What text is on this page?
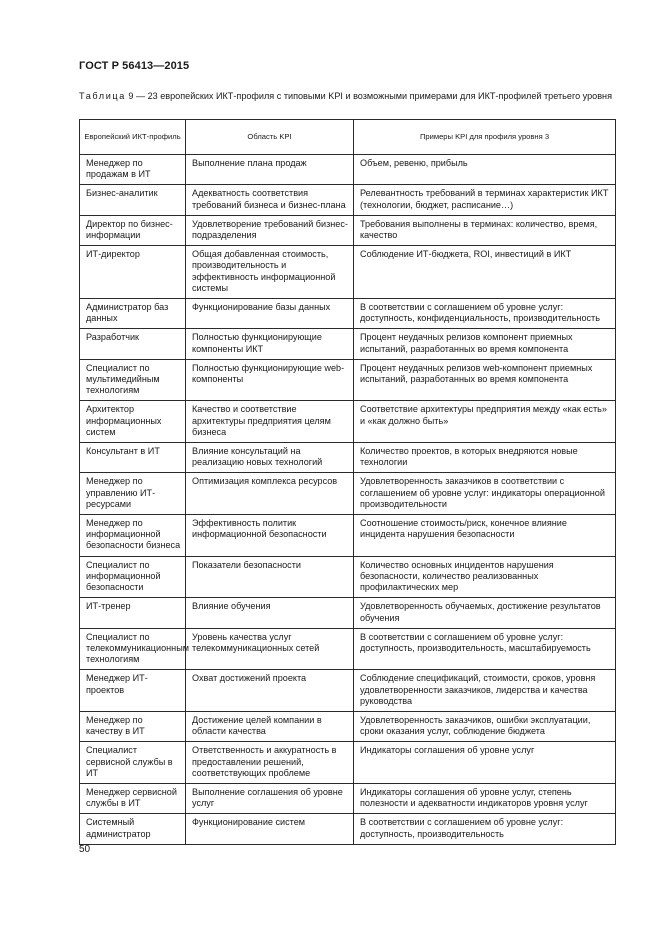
ГОСТ Р 56413—2015
Таблица 9 — 23 европейских ИКТ-профиля с типовыми KPI и возможными примерами для ИКТ-профилей третьего уровня
Европейский ИКТ-профиль	Область KPI	Примеры KPI для профиля уровня 3
Менеджер по продажам в ИТ	Выполнение плана продаж	Объем, ревеню, прибыль
Бизнес-аналитик	Адекватность соответствия требований бизнеса и бизнес-плана	Релевантность требований в терминах характеристик ИКТ (технологии, бюджет, расписание…)
Директор по бизнес-информации	Удовлетворение требований бизнес-подразделения	Требования выполнены в терминах: количество, время, качество
ИТ-директор	Общая добавленная стоимость, производительность и эффективность информационной системы	Соблюдение ИТ-бюджета, ROI, инвестиций в ИКТ
Администратор баз данных	Функционирование базы данных	В соответствии с соглашением об уровне услуг: доступность, конфиденциальность, производительность
Разработчик	Полностью функционирующие компоненты ИКТ	Процент неудачных релизов компонент приемных испытаний, разработанных во время компонента
Специалист по мультимедийным технологиям	Полностью функционирующие web-компоненты	Процент неудачных релизов web-компонент приемных испытаний, разработанных во время компонента
Архитектор информационных систем	Качество и соответствие архитектуры предприятия целям бизнеса	Соответствие архитектуры предприятия между «как есть» и «как должно быть»
Консультант в ИТ	Влияние консультаций на реализацию новых технологий	Количество проектов, в которых внедряются новые технологии
Менеджер по управлению ИТ-ресурсами	Оптимизация комплекса ресурсов	Удовлетворенность заказчиков в соответствии с соглашением об уровне услуг: индикаторы операционной производительности
Менеджер по информационной безопасности бизнеса	Эффективность политик информационной безопасности	Соотношение стоимость/риск, конечное влияние инцидента нарушения безопасности
Специалист по информационной безопасности	Показатели безопасности	Количество основных инцидентов нарушения безопасности, количество реализованных профилактических мер
ИТ-тренер	Влияние обучения	Удовлетворенность обучаемых, достижение результатов обучения
Специалист по телекоммуникационным технологиям	Уровень качества услуг телекоммуникационных сетей	В соответствии с соглашением об уровне услуг: доступность, производительность, масштабируемость
Менеджер ИТ-проектов	Охват достижений проекта	Соблюдение спецификаций, стоимости, сроков, уровня удовлетворенности заказчиков, лидерства и качества руководства
Менеджер по качеству в ИТ	Достижение целей компании в области качества	Удовлетворенность заказчиков, ошибки эксплуатации, сроки оказания услуг, соблюдение бюджета
Специалист сервисной службы в ИТ	Ответственность и аккуратность в предоставлении решений, соответствующих проблеме	Индикаторы соглашения об уровне услуг
Менеджер сервисной службы в ИТ	Выполнение соглашения об уровне услуг	Индикаторы соглашения об уровне услуг, степень полезности и адекватности индикаторов уровня услуг
Системный администратор	Функционирование систем	В соответствии с соглашением об уровне услуг: доступность, производительность
50
